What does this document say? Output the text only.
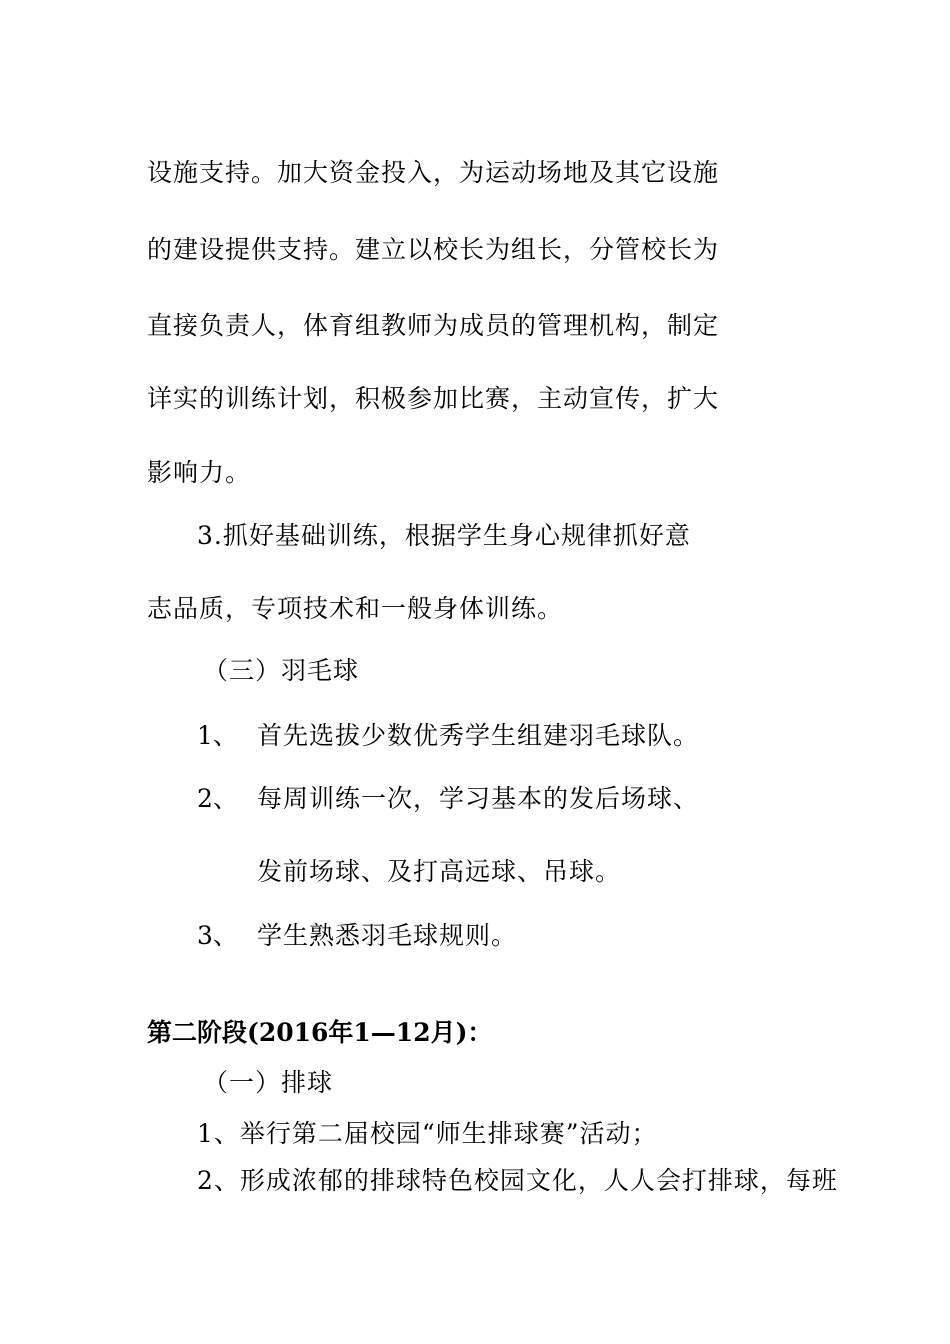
设施支持。加大资金投入，为运动场地及其它设施
的建设提供支持。建立以校长为组长，分管校长为
直接负责人，体育组教师为成员的管理机构，制定
详实的训练计划，积极参加比赛，主动宣传，扩大
影响力。
3.抓好基础训练，根据学生身心规律抓好意
志品质，专项技术和一般身体训练。
（三）羽毛球
1、 首先选拔少数优秀学生组建羽毛球队。
2、 每周训练一次，学习基本的发后场球、
发前场球、及打高远球、吊球。
3、 学生熟悉羽毛球规则。
第二阶段(2016年1—12月)：
（一）排球
1、举行第二届校园“师生排球赛”活动；
2、形成浓郁的排球特色校园文化，人人会打排球，每班
